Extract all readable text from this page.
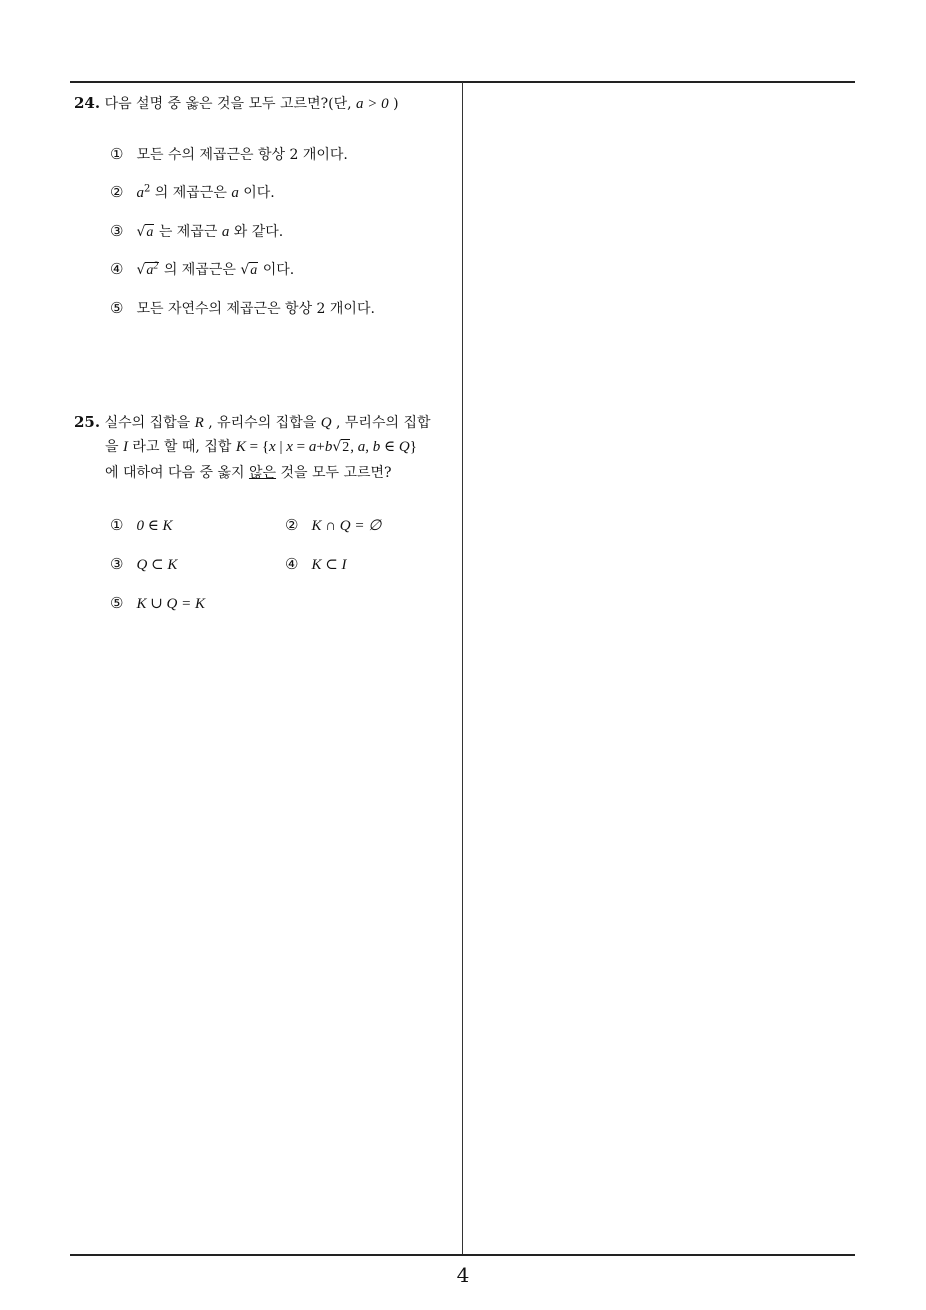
24. 다음 설명 중 옳은 것을 모두 고르면?(단, a > 0 )
① 모든 수의 제곱근은 항상 2 개이다.
② $a^2$ 의 제곱근은 a 이다.
③ √a 는 제곱근 a 와 같다.
④ $√a^2$ 의 제곱근은 √a 이다.
⑤ 모든 자연수의 제곱근은 항상 2 개이다.
25. 실수의 집합을 R , 유리수의 집합을 Q , 무리수의 집합
을 I 라고 할 때, 집합 K = {x | x = a+b√2, a, b ∈ Q}
에 대하여 다음 중 옳지 않은 것을 모두 고르면?
① 0 ∈ K	② K ∩ Q = ∅
③ Q ⊂ K	④ K ⊂ I
⑤ K ∪ Q = K
4
